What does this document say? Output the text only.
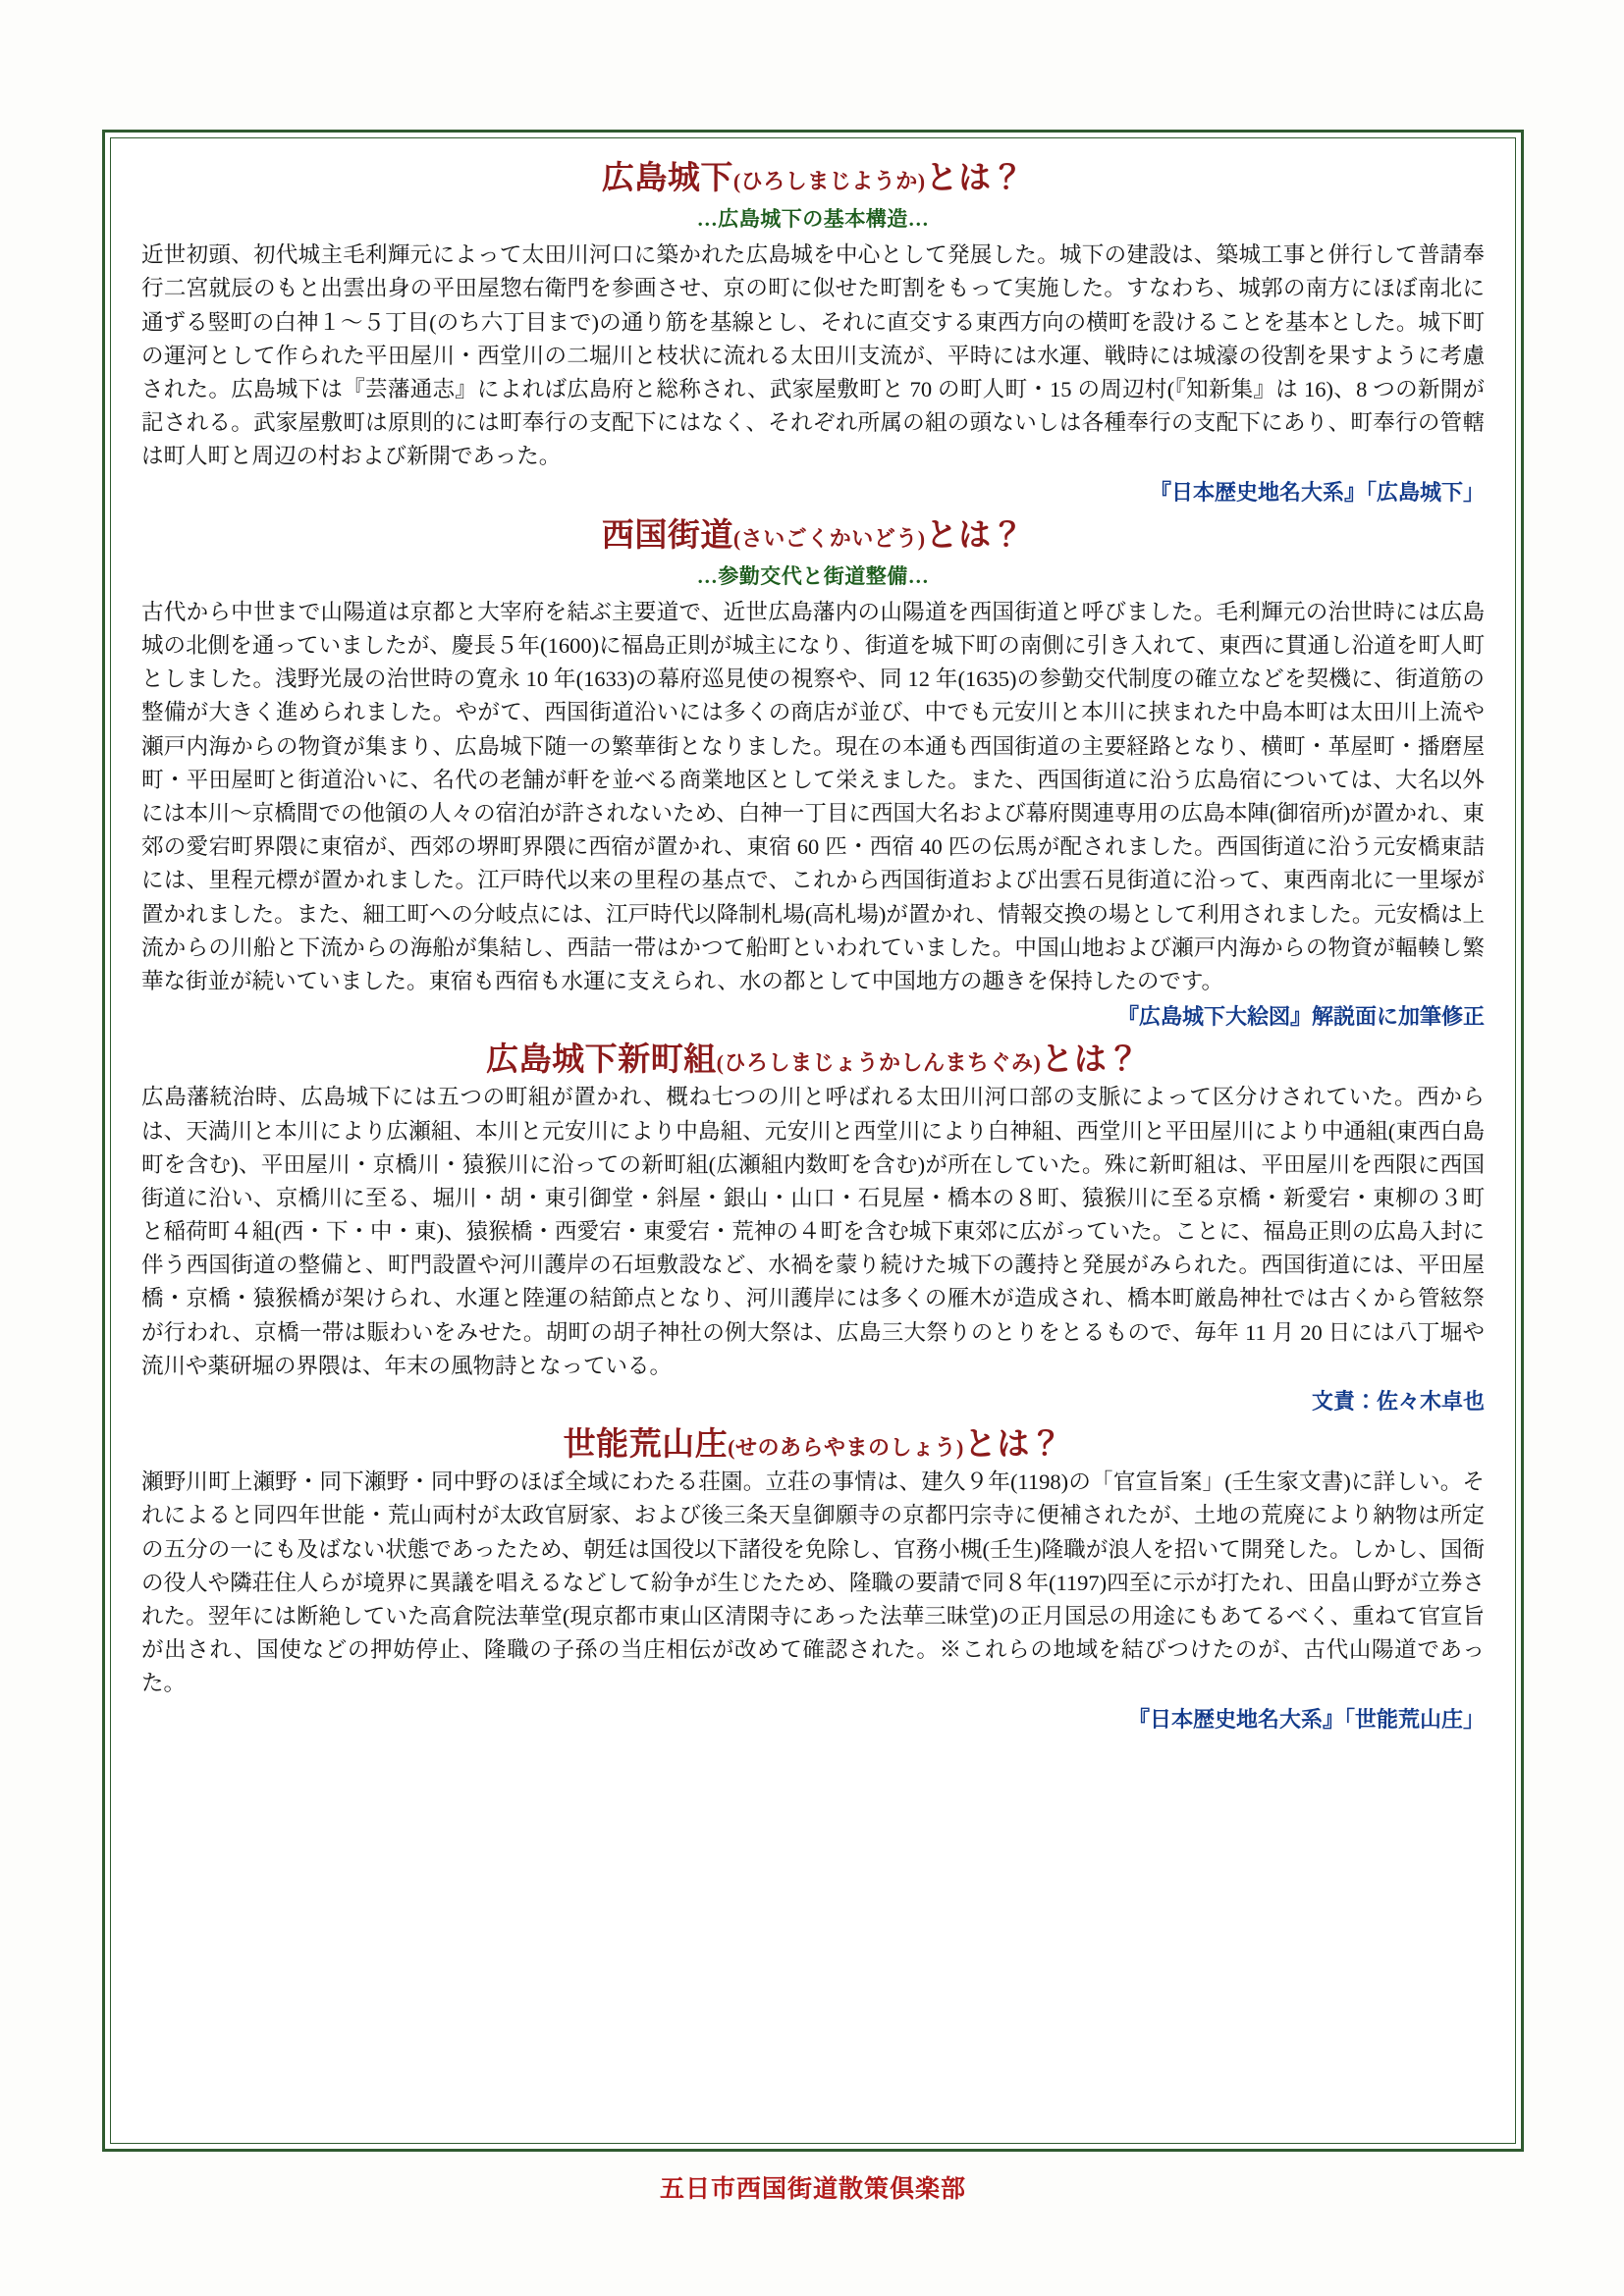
広島城下(ひろしまじようか)とは？
…広島城下の基本構造…

近世初頭、初代城主毛利輝元によって太田川河口に築かれた広島城を中心として発展した。城下の建設は、築城工事と併行して普請奉行二宮就辰のもと出雲出身の平田屋惣右衛門を参画させ、京の町に似せた町割をもって実施した。すなわち、城郭の南方にほぼ南北に通ずる竪町の白神１〜５丁目(のち六丁目まで)の通り筋を基線とし、それに直交する東西方向の横町を設けることを基本とした。城下町の運河として作られた平田屋川・西堂川の二堀川と枝状に流れる太田川支流が、平時には水運、戦時には城濠の役割を果すように考慮された。広島城下は『芸藩通志』によれば広島府と総称され、武家屋敷町と 70 の町人町・15 の周辺村(『知新集』は 16)、8 つの新開が記される。武家屋敷町は原則的には町奉行の支配下にはなく、それぞれ所属の組の頭ないしは各種奉行の支配下にあり、町奉行の管轄は町人町と周辺の村および新開であった。

『日本歴史地名大系』「広島城下」
西国街道(さいごくかいどう)とは？
…参勤交代と街道整備…

古代から中世まで山陽道は京都と大宰府を結ぶ主要道で、近世広島藩内の山陽道を西国街道と呼びました。毛利輝元の治世時には広島城の北側を通っていましたが、慶長５年(1600)に福島正則が城主になり、街道を城下町の南側に引き入れて、東西に貫通し沿道を町人町としました。浅野光晟の治世時の寛永 10 年(1633)の幕府巡見使の視察や、同 12 年(1635)の参勤交代制度の確立などを契機に、街道筋の整備が大きく進められました。やがて、西国街道沿いには多くの商店が並び、中でも元安川と本川に挟まれた中島本町は太田川上流や瀬戸内海からの物資が集まり、広島城下随一の繁華街となりました。現在の本通も西国街道の主要経路となり、横町・革屋町・播磨屋町・平田屋町と街道沿いに、名代の老舗が軒を並べる商業地区として栄えました。また、西国街道に沿う広島宿については、大名以外には本川〜京橋間での他領の人々の宿泊が許されないため、白神一丁目に西国大名および幕府関連専用の広島本陣(御宿所)が置かれ、東郊の愛宕町界隈に東宿が、西郊の堺町界隈に西宿が置かれ、東宿 60 匹・西宿 40 匹の伝馬が配されました。西国街道に沿う元安橋東詰には、里程元標が置かれました。江戸時代以来の里程の基点で、これから西国街道および出雲石見街道に沿って、東西南北に一里塚が置かれました。また、細工町への分岐点には、江戸時代以降制札場(高札場)が置かれ、情報交換の場として利用されました。元安橋は上流からの川船と下流からの海船が集結し、西詰一帯はかつて船町といわれていました。中国山地および瀬戸内海からの物資が輻輳し繁華な街並が続いていました。東宿も西宿も水運に支えられ、水の都として中国地方の趣きを保持したのです。

『広島城下大絵図』解説面に加筆修正
広島城下新町組(ひろしまじょうかしんまちぐみ)とは？

広島藩統治時、広島城下には五つの町組が置かれ、概ね七つの川と呼ばれる太田川河口部の支脈によって区分けされていた。西からは、天満川と本川により広瀬組、本川と元安川により中島組、元安川と西堂川により白神組、西堂川と平田屋川により中通組(東西白島町を含む)、平田屋川・京橋川・猿猴川に沿っての新町組(広瀬組内数町を含む)が所在していた。殊に新町組は、平田屋川を西限に西国街道に沿い、京橋川に至る、堀川・胡・東引御堂・斜屋・銀山・山口・石見屋・橋本の８町、猿猴川に至る京橋・新愛宕・東柳の３町と稲荷町４組(西・下・中・東)、猿猴橋・西愛宕・東愛宕・荒神の４町を含む城下東郊に広がっていた。ことに、福島正則の広島入封に伴う西国街道の整備と、町門設置や河川護岸の石垣敷設など、水禍を蒙り続けた城下の護持と発展がみられた。西国街道には、平田屋橋・京橋・猿猴橋が架けられ、水運と陸運の結節点となり、河川護岸には多くの雁木が造成され、橋本町厳島神社では古くから管絃祭が行われ、京橋一帯は賑わいをみせた。胡町の胡子神社の例大祭は、広島三大祭りのとりをとるもので、毎年 11 月 20 日には八丁堀や流川や薬研堀の界隈は、年末の風物詩となっている。

文責：佐々木卓也
世能荒山庄(せのあらやまのしょう)とは？

瀬野川町上瀬野・同下瀬野・同中野のほぼ全域にわたる荘園。立荘の事情は、建久９年(1198)の「官宣旨案」(壬生家文書)に詳しい。それによると同四年世能・荒山両村が太政官厨家、および後三条天皇御願寺の京都円宗寺に便補されたが、土地の荒廃により納物は所定の五分の一にも及ばない状態であったため、朝廷は国役以下諸役を免除し、官務小槻(壬生)隆職が浪人を招いて開発した。しかし、国衙の役人や隣荘住人らが境界に異議を唱えるなどして紛争が生じたため、隆職の要請で同８年(1197)四至に示が打たれ、田畠山野が立券された。翌年には断絶していた高倉院法華堂(現京都市東山区清閑寺にあった法華三昧堂)の正月国忌の用途にもあてるべく、重ねて官宣旨が出され、国使などの押妨停止、隆職の子孫の当庄相伝が改めて確認された。※これらの地域を結びつけたのが、古代山陽道であった。

『日本歴史地名大系』「世能荒山庄」
五日市西国街道散策倶楽部
